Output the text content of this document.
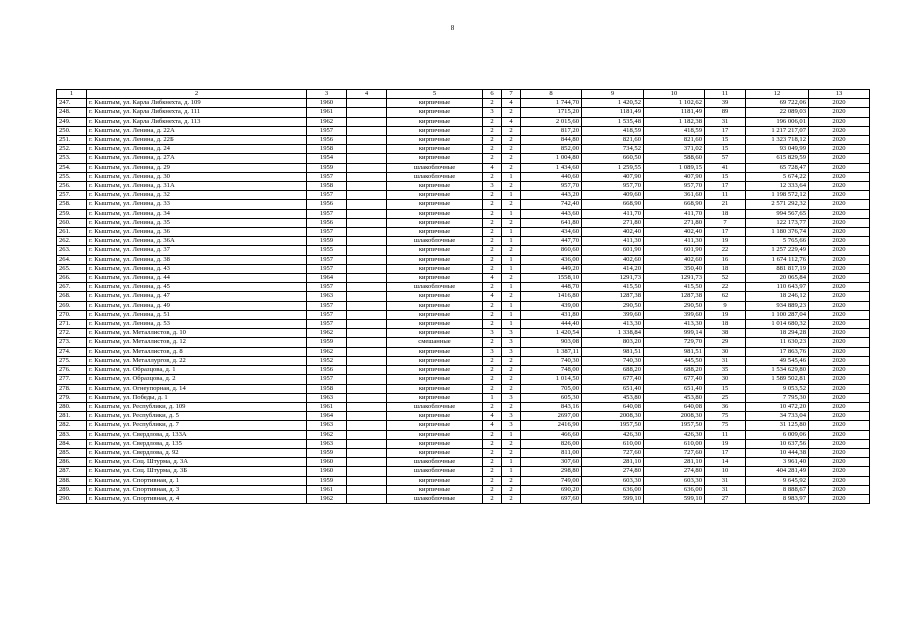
8
1	2	3	4	5	6	7	8	9	10	11	12	13
247.	г. Кыштым, ул. Карла Либкнехта, д. 109	1960		кирпичные	2	4	1 744,70	1 420,52	1 102,62	39	69 722,06	2020
248.	г. Кыштым, ул. Карла Либкнехта, д. 111	1961		кирпичные	3	2	1715,20	1181,49	1181,49	89	22 089,03	2020
249.	г. Кыштым, ул. Карла Либкнехта, д. 113	1962		кирпичные	2	4	2 015,60	1 535,48	1 182,38	31	196 006,01	2020
250.	г. Кыштым, ул. Ленина, д. 22А	1957		кирпичные	2	2	817,20	418,59	418,59	17	1 217 217,07	2020
251.	г. Кыштым, ул. Ленина, д. 22Б	1956		кирпичные	2	2	844,80	821,60	821,60	15	1 323 718,12	2020
252.	г. Кыштым, ул. Ленина, д. 24	1958		кирпичные	2	2	852,00	734,52	371,02	15	93 049,99	2020
253.	г. Кыштым, ул. Ленина, д. 27А	1954		кирпичные	2	2	1 004,80	660,50	588,60	57	615 829,59	2020
254.	г. Кыштым, ул. Ленина, д. 29	1959		шлакоблочные	4	2	1 434,60	1 259,55	1 089,15	41	65 728,47	2020
255.	г. Кыштым, ул. Ленина, д. 30	1957		шлакоблочные	2	1	440,60	407,90	407,90	15	5 674,22	2020
256.	г. Кыштым, ул. Ленина, д. 31А	1958		кирпичные	3	2	957,70	957,70	957,70	17	12 333,64	2020
257.	г. Кыштым, ул. Ленина, д. 32	1957		кирпичные	2	1	443,20	409,60	361,60	11	1 198 572,12	2020
258.	г. Кыштым, ул. Ленина, д. 33	1956		кирпичные	2	2	742,40	668,90	668,90	21	2 571 292,32	2020
259.	г. Кыштым, ул. Ленина, д. 34	1957		кирпичные	2	1	443,60	411,70	411,70	18	994 567,65	2020
260.	г. Кыштым, ул. Ленина, д. 35	1956		кирпичные	2	2	641,80	271,80	271,80	7	122 173,77	2020
261.	г. Кыштым, ул. Ленина, д. 36	1957		кирпичные	2	1	434,60	402,40	402,40	17	1 180 376,74	2020
262.	г. Кыштым, ул. Ленина, д. 36А	1959		шлакоблочные	2	1	447,70	411,30	411,30	19	5 765,66	2020
263.	г. Кыштым, ул. Ленина, д. 37	1955		кирпичные	2	2	860,60	601,90	601,90	22	1 257 229,49	2020
264.	г. Кыштым, ул. Ленина, д. 38	1957		кирпичные	2	1	436,00	402,60	402,60	16	1 674 112,76	2020
265.	г. Кыштым, ул. Ленина, д. 43	1957		кирпичные	2	1	449,20	414,20	350,40	18	881 817,19	2020
266.	г. Кыштым, ул. Ленина, д. 44	1964		кирпичные	4	2	1558,10	1291,73	1291,73	52	20 065,84	2020
267.	г. Кыштым, ул. Ленина, д. 45	1957		шлакоблочные	2	1	448,70	415,50	415,50	22	110 643,97	2020
268.	г. Кыштым, ул. Ленина, д. 47	1963		кирпичные	4	2	1416,80	1287,38	1287,38	62	18 246,12	2020
269.	г. Кыштым, ул. Ленина, д. 49	1957		кирпичные	2	1	439,00	290,50	290,50	9	934 889,23	2020
270.	г. Кыштым, ул. Ленина, д. 51	1957		кирпичные	2	1	431,80	399,60	399,60	19	1 100 287,04	2020
271.	г. Кыштым, ул. Ленина, д. 53	1957		кирпичные	2	1	444,40	413,30	413,30	18	1 014 680,32	2020
272.	г. Кыштым, ул. Металлистов, д. 10	1962		кирпичные	3	3	1 420,54	1 338,84	999,14	38	18 294,28	2020
273.	г. Кыштым, ул. Металлистов, д. 12	1959		смешанные	2	3	903,08	803,20	729,70	29	11 630,23	2020
274.	г. Кыштым, ул. Металлистов, д. 8	1962		кирпичные	3	3	1 387,11	981,51	981,51	30	17 863,76	2020
275.	г. Кыштым, ул. Металлургов, д. 22	1952		кирпичные	2	2	740,30	740,30	445,50	31	49 545,46	2020
276.	г. Кыштым, ул. Образцова, д. 1	1956		кирпичные	2	2	748,00	688,20	688,20	35	1 534 629,80	2020
277.	г. Кыштым, ул. Образцова, д. 2	1957		кирпичные	2	2	1 014,50	677,40	677,40	30	1 589 502,81	2020
278.	г. Кыштым, ул. Огнеупорная, д. 14	1958		кирпичные	2	2	705,00	651,40	651,40	15	9 053,52	2020
279.	г. Кыштым, ул. Победы, д. 1	1963		кирпичные	1	3	605,30	453,80	453,80	25	7 795,30	2020
280.	г. Кыштым, ул. Республики, д. 109	1961		шлакоблочные	2	2	843,16	640,08	640,08	36	10 472,20	2020
281.	г. Кыштым, ул. Республики, д. 5	1964		кирпичные	4	3	2697,00	2008,30	2008,30	75	34 733,04	2020
282.	г. Кыштым, ул. Республики, д. 7	1963		кирпичные	4	3	2416,90	1957,50	1957,50	75	31 125,80	2020
283.	г. Кыштым, ул. Свердлова, д. 133А	1962		кирпичные	2	1	466,60	426,30	426,30	11	6 009,06	2020
284.	г. Кыштым, ул. Свердлова, д. 135	1963		кирпичные	2	2	826,00	610,00	610,00	19	10 637,56	2020
285.	г. Кыштым, ул. Свердлова, д. 92	1959		кирпичные	2	2	811,00	727,60	727,60	17	10 444,38	2020
286.	г. Кыштым, ул. Соц. Штурма, д. 3А	1960		шлакоблочные	2	1	307,60	281,10	281,10	14	3 961,40	2020
287.	г. Кыштым, ул. Соц. Штурма, д. 3Б	1960		шлакоблочные	2	1	298,80	274,80	274,80	10	404 281,49	2020
288.	г. Кыштым, ул. Спортивная, д. 1	1959		кирпичные	2	2	749,00	603,30	603,30	31	9 645,92	2020
289.	г. Кыштым, ул. Спортивная, д. 3	1961		кирпичные	2	2	690,20	636,00	636,00	31	8 888,67	2020
290.	г. Кыштым, ул. Спортивная, д. 4	1962		шлакоблочные	2	2	697,60	599,10	599,10	27	8 983,97	2020
